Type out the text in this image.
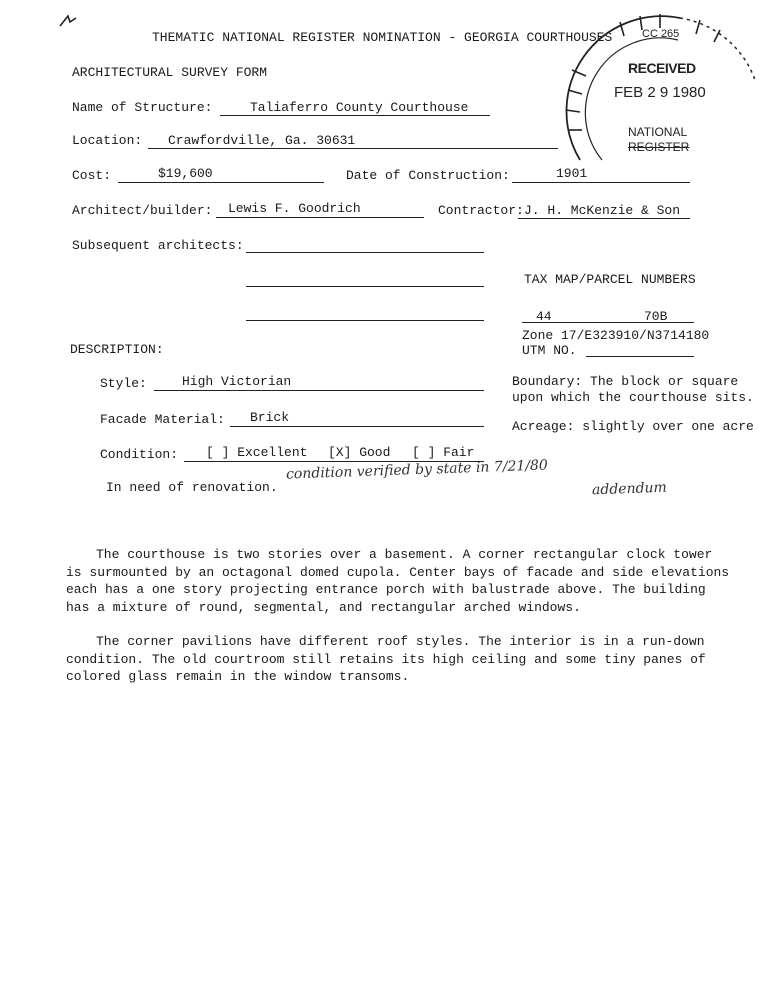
THEMATIC NATIONAL REGISTER NOMINATION - GEORGIA COURTHOUSES
ARCHITECTURAL SURVEY FORM
CC 265
RECEIVED
FEB 2 9 1980
NATIONAL
REGISTER
Name of Structure:	Taliaferro County Courthouse
Location: Crawfordville, Ga. 30631
Cost:	$19,600	Date of Construction:	1901
Architect/builder: Lewis F. Goodrich	Contractor: J. H. McKenzie & Son
Subsequent architects:
TAX MAP/PARCEL NUMBERS
44	70B
Zone 17/E323910/N3714180
UTM NO.
DESCRIPTION:
Style:	High Victorian
Facade Material: Brick
Condition: [ ] Excellent [X] Good [ ] Fair
In need of renovation.
condition verified by state in 7/21/80
addendum
Boundary: The block or square
upon which the courthouse sits.
Acreage: slightly over one acre
The courthouse is two stories over a basement. A corner rectangular clock tower
is surmounted by an octagonal domed cupola. Center bays of facade and side elevations
each has a one story projecting entrance porch with balustrade above. The building
has a mixture of round, segmental, and rectangular arched windows.
The corner pavilions have different roof styles. The interior is in a run-down
condition. The old courtroom still retains its high ceiling and some tiny panes of
colored glass remain in the window transoms.
